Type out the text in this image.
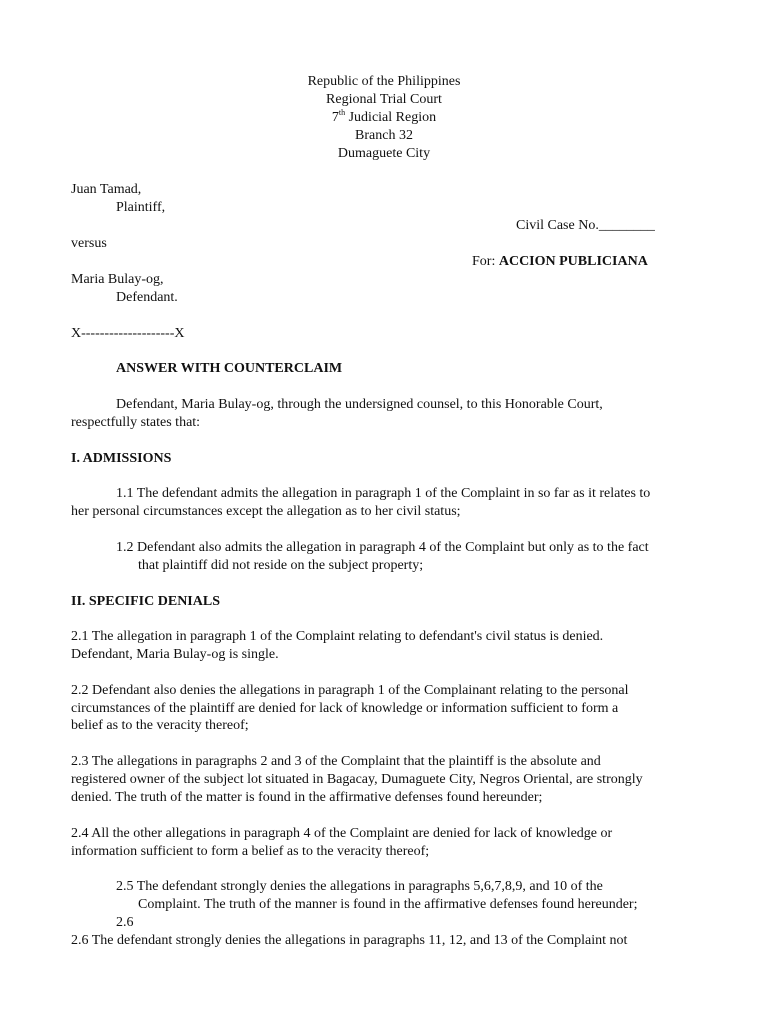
Republic of the Philippines

Regional Trial Court

7th Judicial Region

Branch 32

Dumaguete City

Juan Tamad,

Plaintiff,

Civil Case No.________

versus

For: ACCION PUBLICIANA

Maria Bulay-og,

Defendant.

X--------------------X

ANSWER WITH COUNTERCLAIM

Defendant, Maria Bulay-og, through the undersigned counsel, to this Honorable Court,

respectfully states that:

I. ADMISSIONS

1.1 The defendant admits the allegation in paragraph 1 of the Complaint in so far as it relates to

her personal circumstances except the allegation as to her civil status;

1.2 Defendant also admits the allegation in paragraph 4 of the Complaint but only as to the fact

that plaintiff did not reside on the subject property;

II. SPECIFIC DENIALS

2.1 The allegation in paragraph 1 of the Complaint relating to defendant's civil status is denied.

Defendant, Maria Bulay-og is single.

2.2 Defendant also denies the allegations in paragraph 1 of the Complainant relating to the personal

circumstances of the plaintiff are denied for lack of knowledge or information sufficient to form a

belief as to the veracity thereof;

2.3 The allegations in paragraphs 2 and 3 of the Complaint that the plaintiff is the absolute and

registered owner of the subject lot situated in Bagacay, Dumaguete City, Negros Oriental, are strongly

denied. The truth of the matter is found in the affirmative defenses found hereunder;

2.4 All the other allegations in paragraph 4 of the Complaint are denied for lack of knowledge or

information sufficient to form a belief as to the veracity thereof;

2.5 The defendant strongly denies the allegations in paragraphs 5,6,7,8,9, and 10 of the

Complaint. The truth of the manner is found in the affirmative defenses found hereunder;

2.6

2.6 The defendant strongly denies the allegations in paragraphs 11, 12, and 13 of the Complaint not
